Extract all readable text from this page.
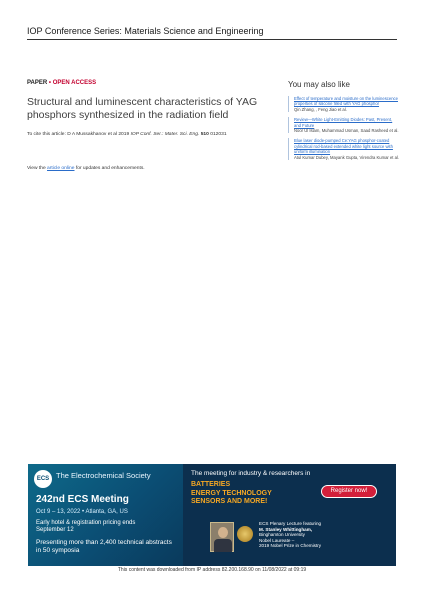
IOP Conference Series: Materials Science and Engineering
PAPER • OPEN ACCESS
Structural and luminescent characteristics of YAG phosphors synthesized in the radiation field
To cite this article: D A Mussakhanov et al 2019 IOP Conf. Ser.: Mater. Sci. Eng. 510 012031
View the article online for updates and enhancements.
You may also like
Effect of temperature and moisture on the luminescence properties of silicone filled with YAG phosphor
Qin Zhang, , Feng Jiao et al.
Review—White Light-Emitting Diodes: Past, Present, and Future
Noor Ul Islam, Muhammad Usman, Saad Rasheed et al.
Blue laser diode-pumped Ce:YAG phosphor-coated cylindrical rod-based extended white light source with uniform illumination
Atul Kumar Dubey, Mayank Gupta, Virendra Kumar et al.
ECS The Electrochemical Society
242nd ECS Meeting
Oct 9 – 13, 2022 • Atlanta, GA, US
Early hotel & registration pricing ends September 12
Presenting more than 2,400 technical abstracts in 50 symposia
The meeting for industry & researchers in
BATTERIES
ENERGY TECHNOLOGY
SENSORS AND MORE!
Register now!
ECS Plenary Lecture featuring
M. Stanley Whittingham,
Binghamton University
Nobel Laureate –
2019 Nobel Prize in Chemistry
This content was downloaded from IP address 82.200.168.90 on 11/08/2022 at 09:19
